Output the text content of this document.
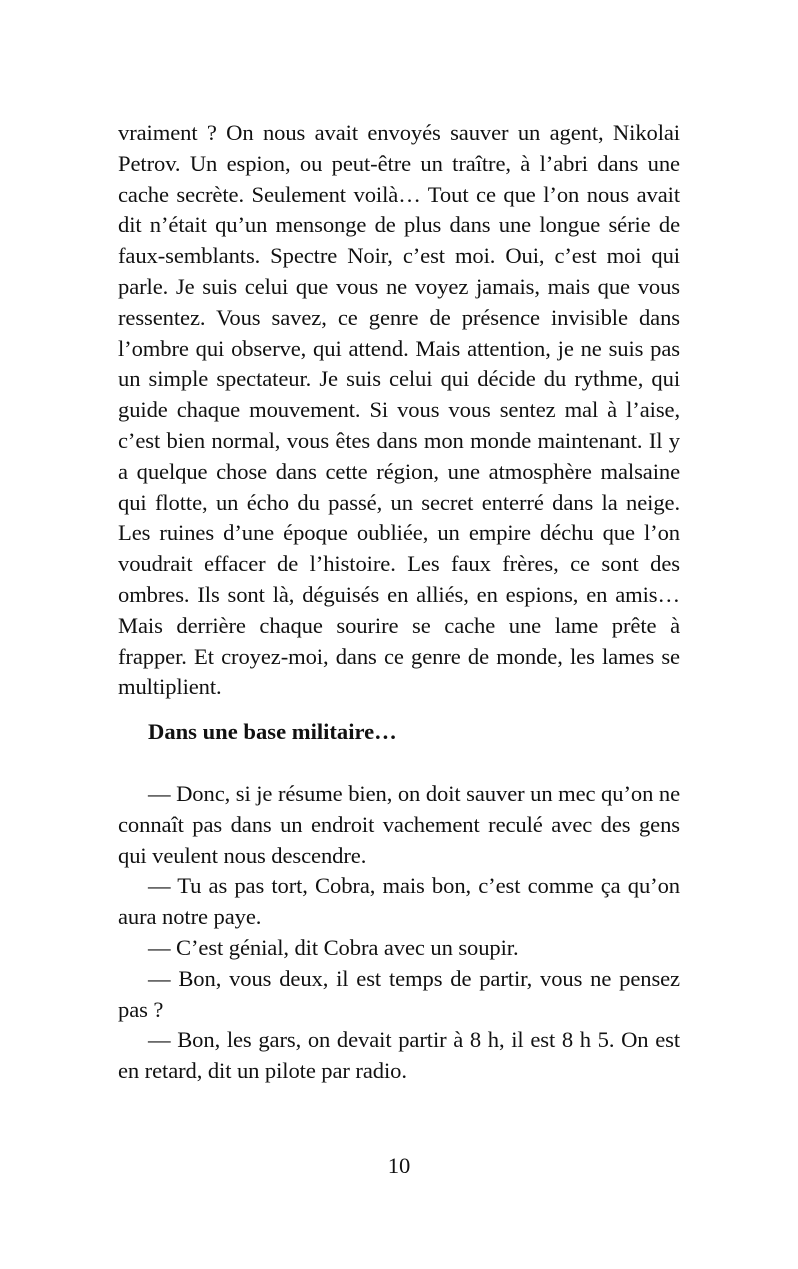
vraiment ? On nous avait envoyés sauver un agent, Nikolai Petrov. Un espion, ou peut-être un traître, à l’abri dans une cache secrète. Seulement voilà… Tout ce que l’on nous avait dit n’était qu’un mensonge de plus dans une longue série de faux-semblants. Spectre Noir, c’est moi. Oui, c’est moi qui parle. Je suis celui que vous ne voyez jamais, mais que vous ressentez. Vous savez, ce genre de présence invisible dans l’ombre qui observe, qui attend. Mais attention, je ne suis pas un simple spectateur. Je suis celui qui décide du rythme, qui guide chaque mouvement. Si vous vous sentez mal à l’aise, c’est bien normal, vous êtes dans mon monde maintenant. Il y a quelque chose dans cette région, une atmosphère malsaine qui flotte, un écho du passé, un secret enterré dans la neige. Les ruines d’une époque oubliée, un empire déchu que l’on voudrait effacer de l’histoire. Les faux frères, ce sont des ombres. Ils sont là, déguisés en alliés, en espions, en amis… Mais derrière chaque sourire se cache une lame prête à frapper. Et croyez-moi, dans ce genre de monde, les lames se multiplient.

Dans une base militaire…

— Donc, si je résume bien, on doit sauver un mec qu’on ne connaît pas dans un endroit vachement reculé avec des gens qui veulent nous descendre.

— Tu as pas tort, Cobra, mais bon, c’est comme ça qu’on aura notre paye.

— C’est génial, dit Cobra avec un soupir.

— Bon, vous deux, il est temps de partir, vous ne pensez pas ?

— Bon, les gars, on devait partir à 8 h, il est 8 h 5. On est en retard, dit un pilote par radio.

10
